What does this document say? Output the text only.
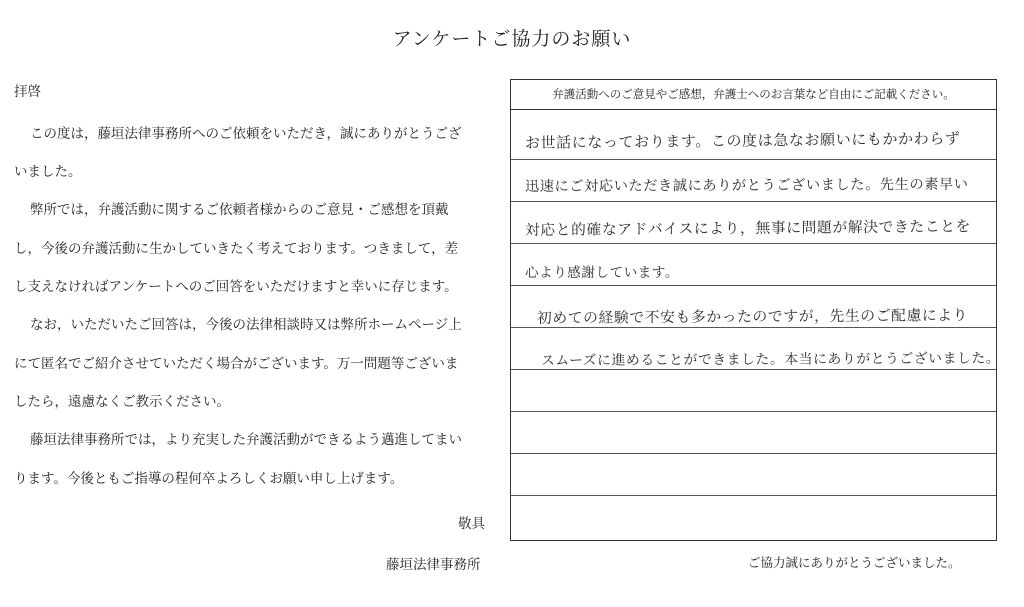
アンケートご協力のお願い
拝啓
この度は，藤垣法律事務所へのご依頼をいただき，誠にありがとうござ
いました。
弊所では，弁護活動に関するご依頼者様からのご意見・ご感想を頂戴
し，今後の弁護活動に生かしていきたく考えております。つきまして，差
し支えなければアンケートへのご回答をいただけますと幸いに存じます。
なお，いただいたご回答は，今後の法律相談時又は弊所ホームページ上
にて匿名でご紹介させていただく場合がございます。万一問題等ございま
したら，遠慮なくご教示ください。
藤垣法律事務所では，より充実した弁護活動ができるよう邁進してまい
ります。今後ともご指導の程何卒よろしくお願い申し上げます。
敬具
藤垣法律事務所
弁護活動へのご意見やご感想，弁護士へのお言葉など自由にご記載ください。
お世話になっております。この度は急なお願いにもかかわらず
迅速にご対応いただき誠にありがとうございました。先生の素早い
対応と的確なアドバイスにより，無事に問題が解決できたことを
心より感謝しています。
初めての経験で不安も多かったのですが，先生のご配慮により
スムーズに進めることができました。本当にありがとうございました。
ご協力誠にありがとうございました。
